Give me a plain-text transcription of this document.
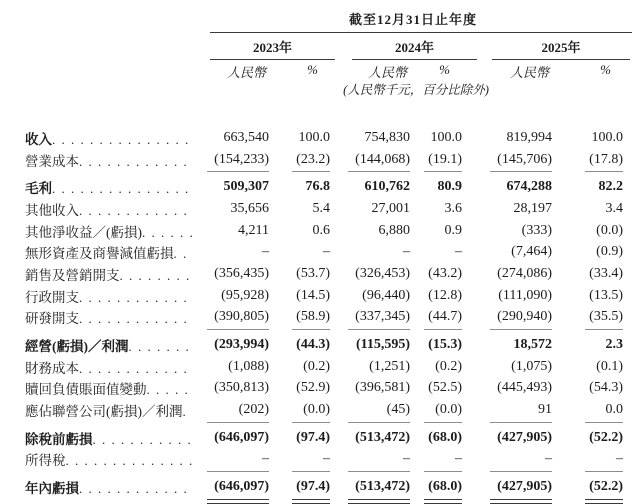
截至12月31日止年度
2023年	2024年	2025年
人民幣	%	人民幣	%	人民幣	%
(人民幣千元，百分比除外)
收入 . . .	663,540	100.0	754,830	100.0	819,994	100.0
營業成本 . . .	(154,233)	(23.2)	(144,068)	(19.1)	(145,706)	(17.8)
毛利 . . .	509,307	76.8	610,762	80.9	674,288	82.2
其他收入 . . .	35,656	5.4	27,001	3.6	28,197	3.4
其他淨收益／(虧損) . . .	4,211	0.6	6,880	0.9	(333)	(0.0)
無形資產及商譽減值虧損 . . .	–	–	–	–	(7,464)	(0.9)
銷售及營銷開支 . . .	(356,435)	(53.7)	(326,453)	(43.2)	(274,086)	(33.4)
行政開支 . . .	(95,928)	(14.5)	(96,440)	(12.8)	(111,090)	(13.5)
研發開支 . . .	(390,805)	(58.9)	(337,345)	(44.7)	(290,940)	(35.5)
經營(虧損)／利潤 . . .	(293,994)	(44.3)	(115,595)	(15.3)	18,572	2.3
財務成本 . . .	(1,088)	(0.2)	(1,251)	(0.2)	(1,075)	(0.1)
贖回負債賬面值變動 . . .	(350,813)	(52.9)	(396,581)	(52.5)	(445,493)	(54.3)
應佔聯營公司(虧損)／利潤 . . .	(202)	(0.0)	(45)	(0.0)	91	0.0
除稅前虧損 . . .	(646,097)	(97.4)	(513,472)	(68.0)	(427,905)	(52.2)
所得稅 . . .	–	–	–	–	–	–
年內虧損 . . .	(646,097)	(97.4)	(513,472)	(68.0)	(427,905)	(52.2)
